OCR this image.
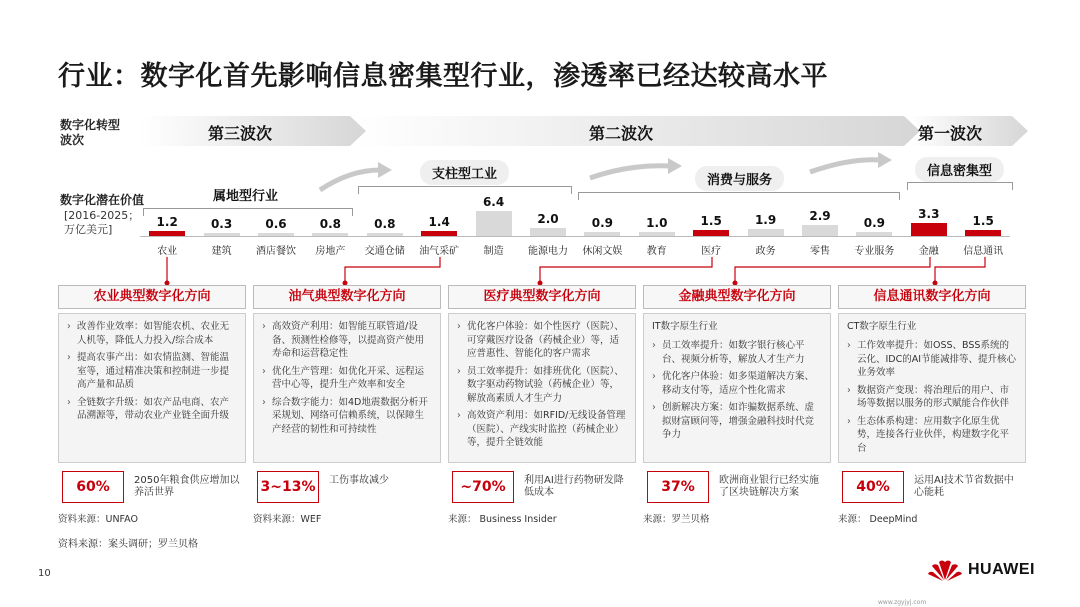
行业：数字化首先影响信息密集型行业，渗透率已经达较高水平
数字化转型
波次
数字化潜在价值
[2016-2025；
万亿美元]
第三波次	第二波次	第一波次
属地型行业
支柱型工业	消费与服务
信息密集型
1.2
农业
0.3
建筑
0.6
酒店餐饮
0.8
房地产
0.8
交通仓储
1.4
油气采矿
6.4
制造
2.0
能源电力
0.9
休闲文娱
1.0
教育
1.5
医疗
1.9
政务
2.9
零售
0.9
专业服务
3.3
金融
1.5
信息通讯
农业典型数字化方向
› 改善作业效率：如智能农机、农业无人机等，降低人力投入/综合成本
› 提高农事产出：如农情监测、智能温室等，通过精准决策和控制进一步提高产量和品质
› 全链数字升级：如农产品电商、农产品溯源等，带动农业产业链全面升级
60%	2050年粮食供应增加以养活世界
资料来源：UNFAO
油气典型数字化方向
› 高效资产利用：如智能互联管道/设备、预测性检修等，以提高资产使用寿命和运营稳定性
› 优化生产管理：如优化开采、远程运营中心等，提升生产效率和安全
› 综合数字能力：如4D地震数据分析开采规划、网络可信赖系统，以保障生产经营的韧性和可持续性
3~13%	工伤事故减少
资料来源：WEF
医疗典型数字化方向
› 优化客户体验：如个性医疗（医院）、可穿戴医疗设备（药械企业）等，适应普惠性、智能化的客户需求
› 员工效率提升：如排班优化（医院）、数字驱动药物试验（药械企业）等，解放高素质人才生产力
› 高效资产利用：如RFID/无线设备管理（医院）、产线实时监控（药械企业）等，提升全链效能
~70%	利用AI进行药物研发降低成本
来源： Business Insider
金融典型数字化方向
IT数字原生行业
› 员工效率提升：如数字银行核心平台、视频分析等，解放人才生产力
› 优化客户体验：如多渠道解决方案、移动支付等，适应个性化需求
› 创新解决方案：如诈骗数据系统、虚拟财富顾问等，增强金融科技时代竞争力
37%	欧洲商业银行已经实施了区块链解决方案
来源：罗兰贝格
信息通讯数字化方向
CT数字原生行业
› 工作效率提升：如OSS、BSS系统的云化、IDC的AI节能减排等、提升核心业务效率
› 数据资产变现：将治理后的用户、市场等数据以服务的形式赋能合作伙伴
› 生态体系构建：应用数字化原生优势，连接各行业伙伴，构建数字化平台
40%	运用AI技术节省数据中心能耗
来源： DeepMind
资料来源：案头调研；罗兰贝格
10	HUAWEI
www.zgyjyj.com
